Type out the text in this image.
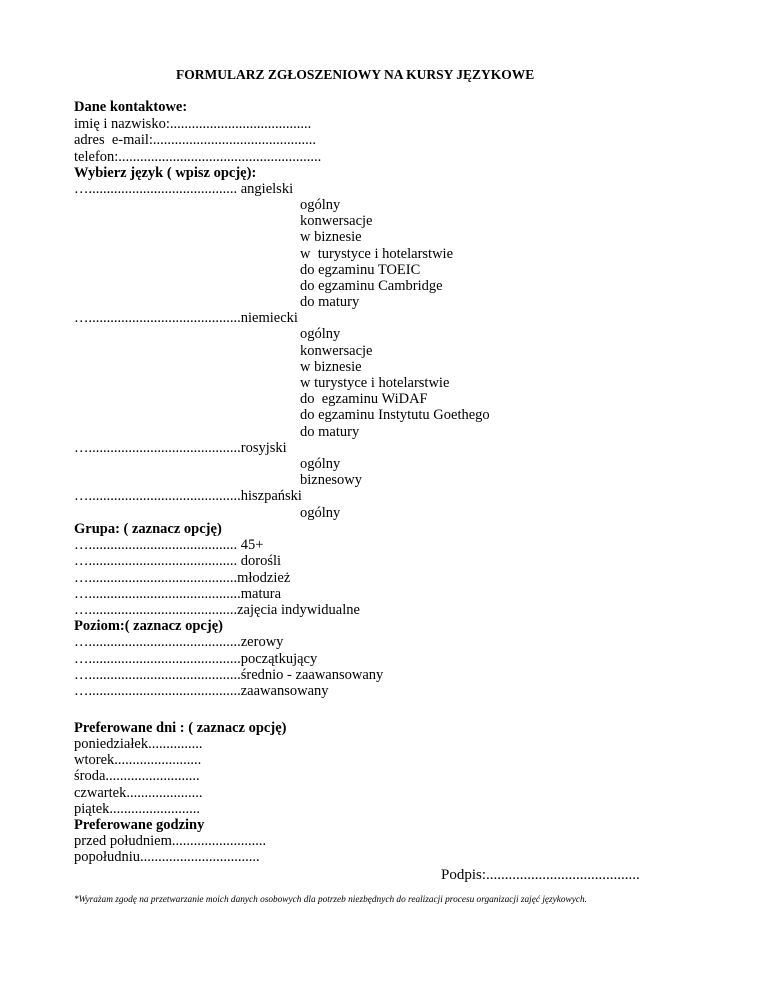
FORMULARZ ZGŁOSZENIOWY NA KURSY JĘZYKOWE
Dane kontaktowe:
imię i nazwisko:.......................................
adres  e-mail:.............................................
telefon:........................................................
Wybierz język ( wpisz opcję):
…......................................... angielski
ogólny
konwersacje
w biznesie
w  turystyce i hotelarstwie
do egzaminu TOEIC
do egzaminu Cambridge
do matury
…..........................................niemiecki
ogólny
konwersacje
w biznesie
w turystyce i hotelarstwie
do  egzaminu WiDAF
do egzaminu Instytutu Goethego
do matury
…..........................................rosyjski
ogólny
biznesowy
…..........................................hiszpański
ogólny
Grupa: ( zaznacz opcję)
…......................................... 45+
…......................................... dorośli
….........................................młodzież
…..........................................matura
….........................................zajęcia indywidualne
Poziom:( zaznacz opcję)
…..........................................zerowy
…..........................................początkujący
…..........................................średnio - zaawansowany
…..........................................zaawansowany
Preferowane dni : ( zaznacz opcję)
poniedziałek...............
wtorek........................
środa..........................
czwartek.....................
piątek.........................
Preferowane godziny
przed południem..........................
popołudniu.................................
Podpis:.........................................
*Wyrażam zgodę na przetwarzanie moich danych osobowych dla potrzeb niezbędnych do realizacji procesu organizacji zajęć językowych.
